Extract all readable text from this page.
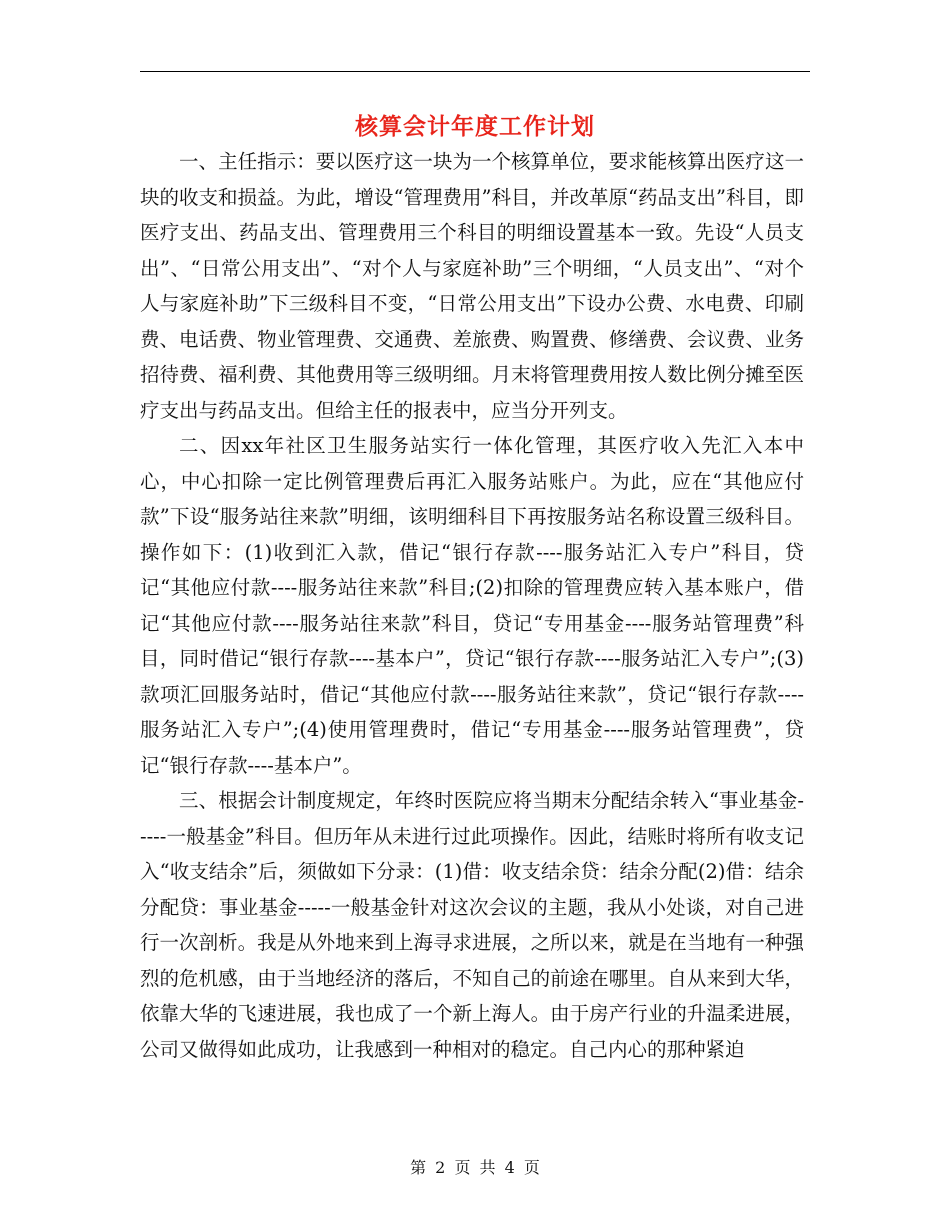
核算会计年度工作计划

一、主任指示：要以医疗这一块为一个核算单位，要求能核算出医疗这一块的收支和损益。为此，增设“管理费用”科目，并改革原“药品支出”科目，即医疗支出、药品支出、管理费用三个科目的明细设置基本一致。先设“人员支出”、“日常公用支出”、“对个人与家庭补助”三个明细，“人员支出”、“对个人与家庭补助”下三级科目不变，“日常公用支出”下设办公费、水电费、印刷费、电话费、物业管理费、交通费、差旅费、购置费、修缮费、会议费、业务招待费、福利费、其他费用等三级明细。月末将管理费用按人数比例分摊至医疗支出与药品支出。但给主任的报表中，应当分开列支。

二、因xx年社区卫生服务站实行一体化管理，其医疗收入先汇入本中心，中心扣除一定比例管理费后再汇入服务站账户。为此，应在“其他应付款”下设“服务站往来款”明细，该明细科目下再按服务站名称设置三级科目。操作如下：(1)收到汇入款，借记“银行存款----服务站汇入专户”科目，贷记“其他应付款----服务站往来款”科目;(2)扣除的管理费应转入基本账户，借记“其他应付款----服务站往来款”科目，贷记“专用基金----服务站管理费”科目，同时借记“银行存款----基本户”，贷记“银行存款----服务站汇入专户”;(3)款项汇回服务站时，借记“其他应付款----服务站往来款”，贷记“银行存款----服务站汇入专户”;(4)使用管理费时，借记“专用基金----服务站管理费”，贷记“银行存款----基本户”。

三、根据会计制度规定，年终时医院应将当期末分配结余转入“事业基金-----一般基金”科目。但历年从未进行过此项操作。因此，结账时将所有收支记入“收支结余”后，须做如下分录：(1)借：收支结余贷：结余分配(2)借：结余分配贷：事业基金-----一般基金针对这次会议的主题，我从小处谈，对自己进行一次剖析。我是从外地来到上海寻求进展，之所以来，就是在当地有一种强烈的危机感，由于当地经济的落后，不知自己的前途在哪里。自从来到大华，依靠大华的飞速进展，我也成了一个新上海人。由于房产行业的升温柔进展，公司又做得如此成功，让我感到一种相对的稳定。自己内心的那种紧迫

第 2 页 共 4 页
